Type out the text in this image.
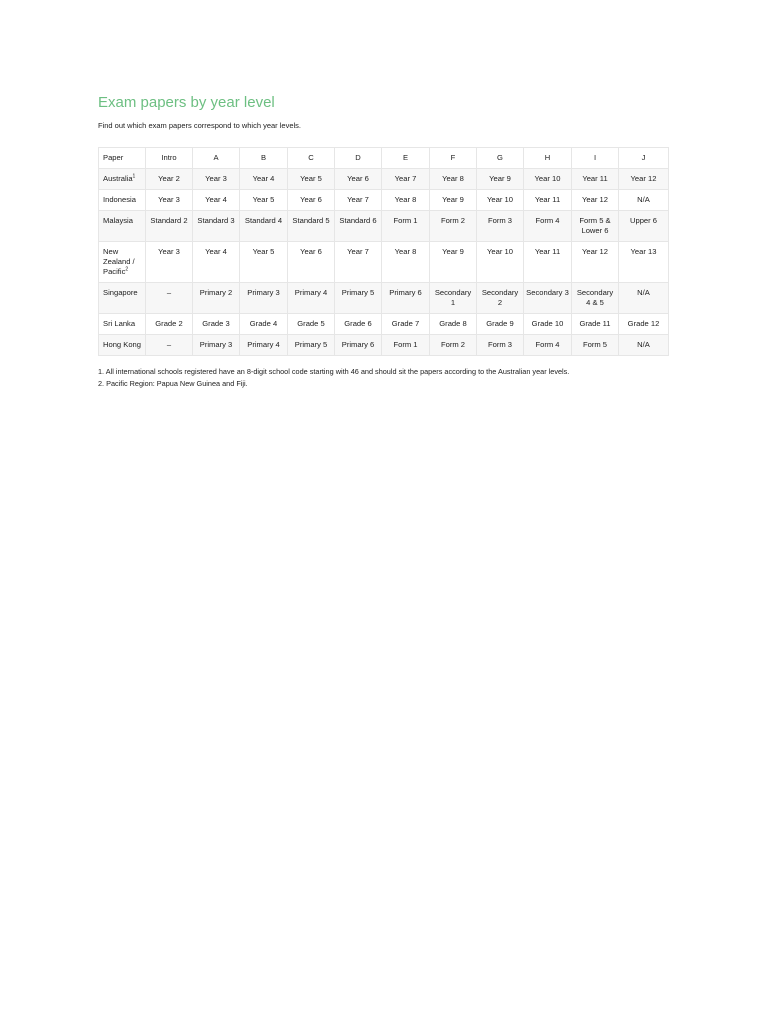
Exam papers by year level

Find out which exam papers correspond to which year levels.

Paper	Intro	A	B	C	D	E	F	G	H	I	J
Australia$^1$	Year 2	Year 3	Year 4	Year 5	Year 6	Year 7	Year 8	Year 9	Year 10	Year 11	Year 12
Indonesia	Year 3	Year 4	Year 5	Year 6	Year 7	Year 8	Year 9	Year 10	Year 11	Year 12	N/A
Malaysia	Standard 2	Standard 3	Standard 4	Standard 5	Standard 6	Form 1	Form 2	Form 3	Form 4	Form 5 & Lower 6	Upper 6
New Zealand / Pacific$^2$	Year 3	Year 4	Year 5	Year 6	Year 7	Year 8	Year 9	Year 10	Year 11	Year 12	Year 13
Singapore	–	Primary 2	Primary 3	Primary 4	Primary 5	Primary 6	Secondary 1	Secondary 2	Secondary 3	Secondary 4 & 5	N/A
Sri Lanka	Grade 2	Grade 3	Grade 4	Grade 5	Grade 6	Grade 7	Grade 8	Grade 9	Grade 10	Grade 11	Grade 12
Hong Kong	–	Primary 3	Primary 4	Primary 5	Primary 6	Form 1	Form 2	Form 3	Form 4	Form 5	N/A

1. All international schools registered have an 8-digit school code starting with 46 and should sit the papers according to the Australian year levels.

2. Pacific Region: Papua New Guinea and Fiji.
